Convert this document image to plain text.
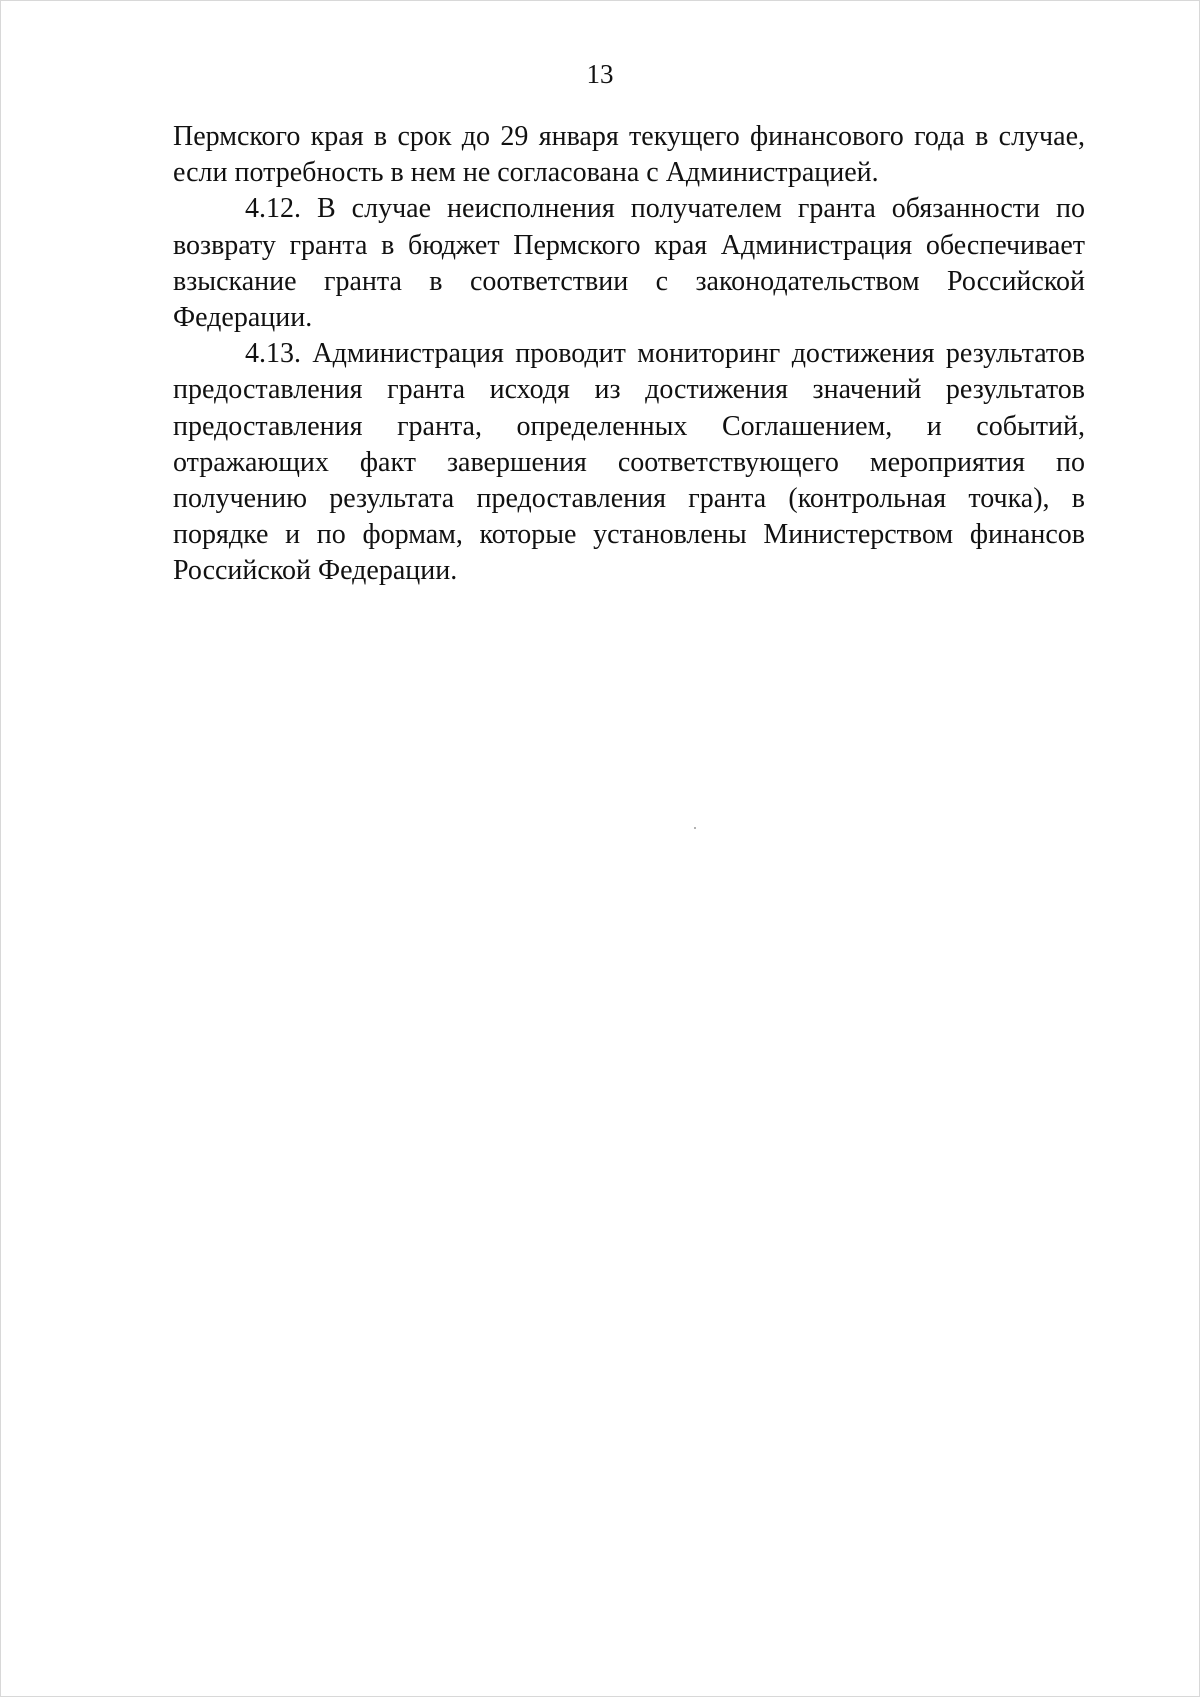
13

Пермского края в срок до 29 января текущего финансового года в случае, если потребность в нем не согласована с Администрацией.

4.12. В случае неисполнения получателем гранта обязанности по возврату гранта в бюджет Пермского края Администрация обеспечивает взыскание гранта в соответствии с законодательством Российской Федерации.

4.13. Администрация проводит мониторинг достижения результатов предоставления гранта исходя из достижения значений результатов предоставления гранта, определенных Соглашением, и событий, отражающих факт завершения соответствующего мероприятия по получению результата предоставления гранта (контрольная точка), в порядке и по формам, которые установлены Министерством финансов Российской Федерации.
